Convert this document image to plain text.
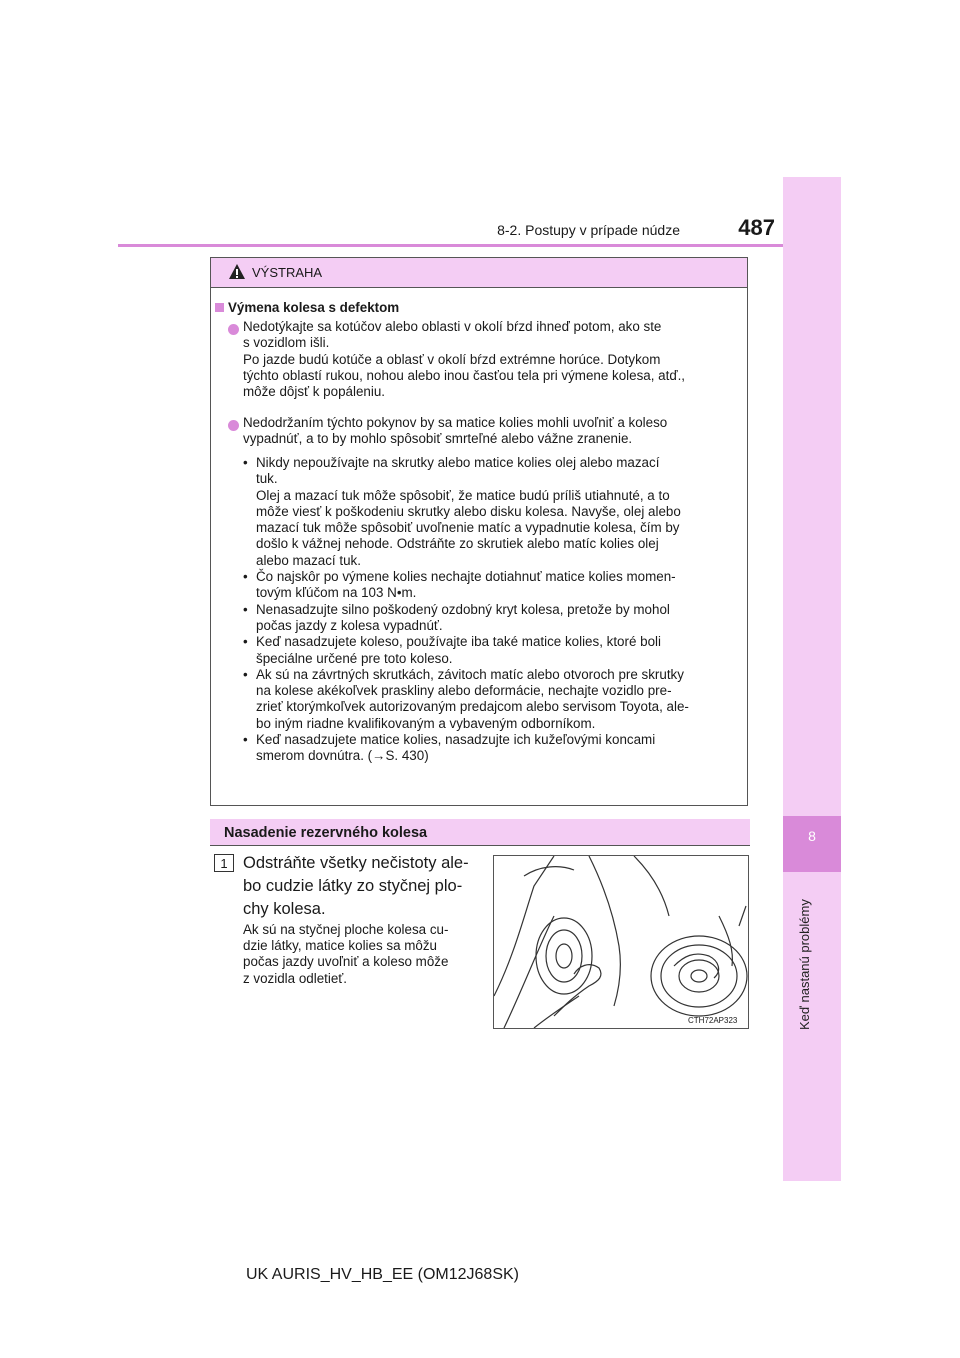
8
Keď nastanú problémy
8-2. Postupy v prípade núdze	487
VÝSTRAHA
Výmena kolesa s defektom
Nedotýkajte sa kotúčov alebo oblasti v okolí bŕzd ihneď potom, ako ste
s vozidlom išli.
Po jazde budú kotúče a oblasť v okolí bŕzd extrémne horúce. Dotykom
týchto oblastí rukou, nohou alebo inou časťou tela pri výmene kolesa, atď.,
môže dôjsť k popáleniu.
Nedodržaním týchto pokynov by sa matice kolies mohli uvoľniť a koleso
vypadnúť, a to by mohlo spôsobiť smrteľné alebo vážne zranenie.
• Nikdy nepoužívajte na skrutky alebo matice kolies olej alebo mazací
tuk.
Olej a mazací tuk môže spôsobiť, že matice budú príliš utiahnuté, a to
môže viesť k poškodeniu skrutky alebo disku kolesa. Navyše, olej alebo
mazací tuk môže spôsobiť uvoľnenie matíc a vypadnutie kolesa, čím by
došlo k vážnej nehode. Odstráňte zo skrutiek alebo matíc kolies olej
alebo mazací tuk.
• Čo najskôr po výmene kolies nechajte dotiahnuť matice kolies momen-
tovým kľúčom na 103 N•m.
• Nenasadzujte silno poškodený ozdobný kryt kolesa, pretože by mohol
počas jazdy z kolesa vypadnúť.
• Keď nasadzujete koleso, používajte iba také matice kolies, ktoré boli
špeciálne určené pre toto koleso.
• Ak sú na závrtných skrutkách, závitoch matíc alebo otvoroch pre skrutky
na kolese akékoľvek praskliny alebo deformácie, nechajte vozidlo pre-
zrieť ktorýmkoľvek autorizovaným predajcom alebo servisom Toyota, ale-
bo iným riadne kvalifikovaným a vybaveným odborníkom.
• Keď nasadzujete matice kolies, nasadzujte ich kužeľovými koncami
smerom dovnútra. (→S. 430)
Nasadenie rezervného kolesa
1 Odstráňte všetky nečistoty ale-
bo cudzie látky zo styčnej plo-
chy kolesa.
Ak sú na styčnej ploche kolesa cu-
dzie látky, matice kolies sa môžu
počas jazdy uvoľniť a koleso môže
z vozidla odletieť.
CTH72AP323
UK AURIS_HV_HB_EE (OM12J68SK)
